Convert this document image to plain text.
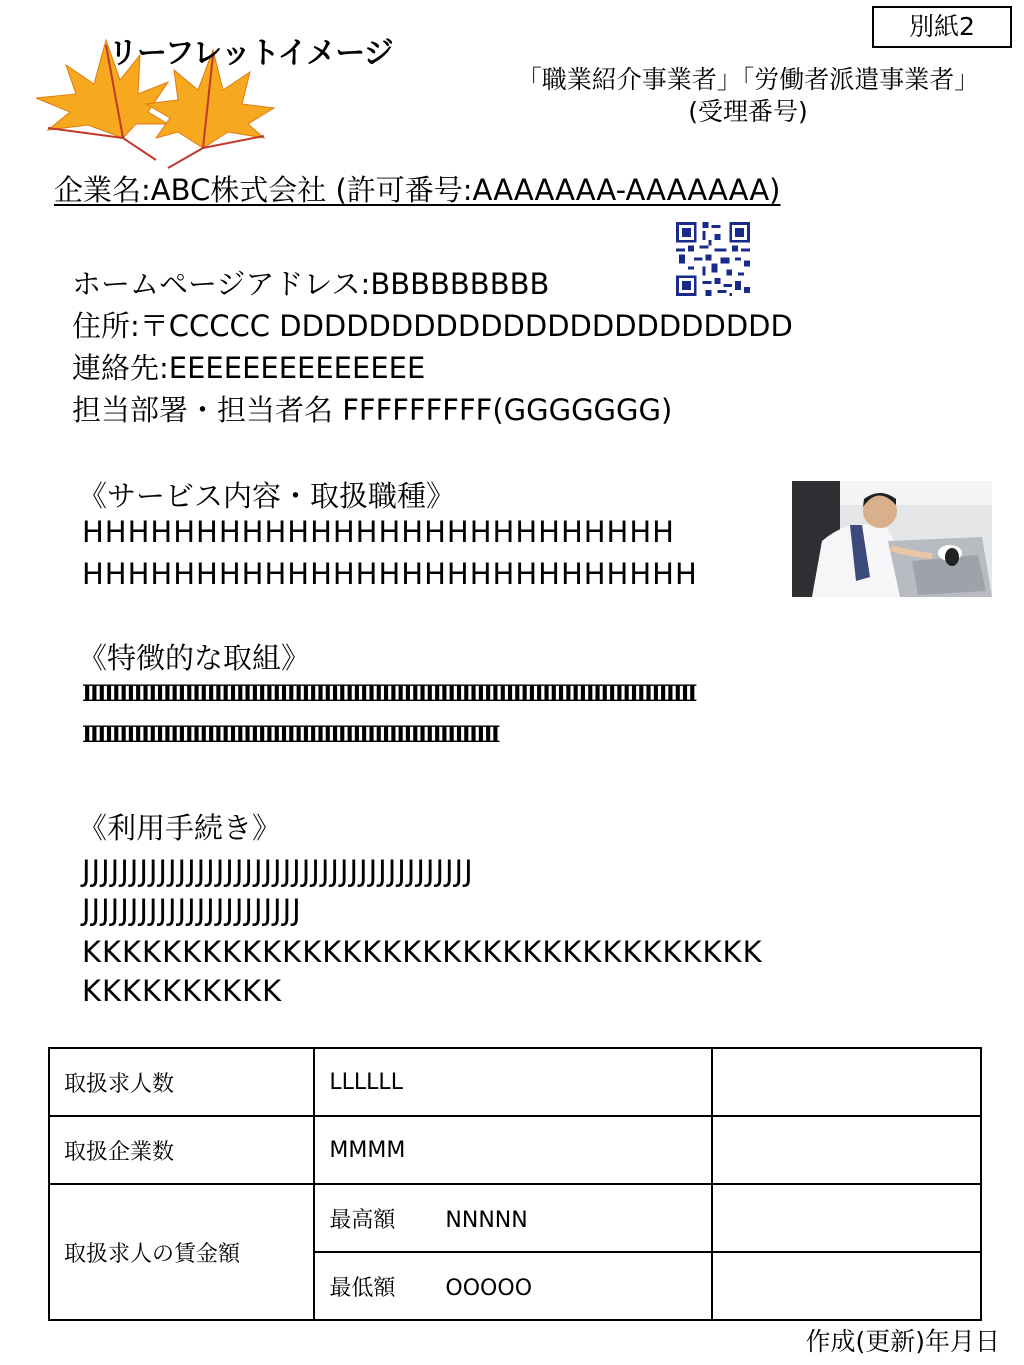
リーフレットイメージ
別紙2
「職業紹介事業者」「労働者派遣事業者」
(受理番号)
企業名:ABC株式会社 (許可番号:AAAAAAA-AAAAAAA)
ホームページアドレス:BBBBBBBBB
住所:〒CCCCC DDDDDDDDDDDDDDDDDDDDDDD
連絡先:EEEEEEEEEEEEEE
担当部署・担当者名 FFFFFFFFF(GGGGGGG)
《サービス内容・取扱職種》
HHHHHHHHHHHHHHHHHHHHHHHHHH
HHHHHHHHHHHHHHHHHHHHHHHHHHH
《特徴的な取組》
IIIIIIIIIIIIIIIIIIIIIIIIIIIIIIIIIIIIIIIIIIIIIIIIIIIIIIIIIIIIIIIIIIIIIIIIIIIIIIIIIIII
IIIIIIIIIIIIIIIIIIIIIIIIIIIIIIIIIIIIIIIIIIIIIIIIIIIIIIIII
《利用手続き》
JJJJJJJJJJJJJJJJJJJJJJJJJJJJJJJJJJJJJJJJJ
JJJJJJJJJJJJJJJJJJJJJJJ
KKKKKKKKKKKKKKKKKKKKKKKKKKKKKKKKKK
KKKKKKKKKK
取扱求人数	LLLLLL	
取扱企業数	MMMM	
取扱求人の賃金額	最高額 NNNNN	
	最低額 OOOOO	
作成(更新)年月日
